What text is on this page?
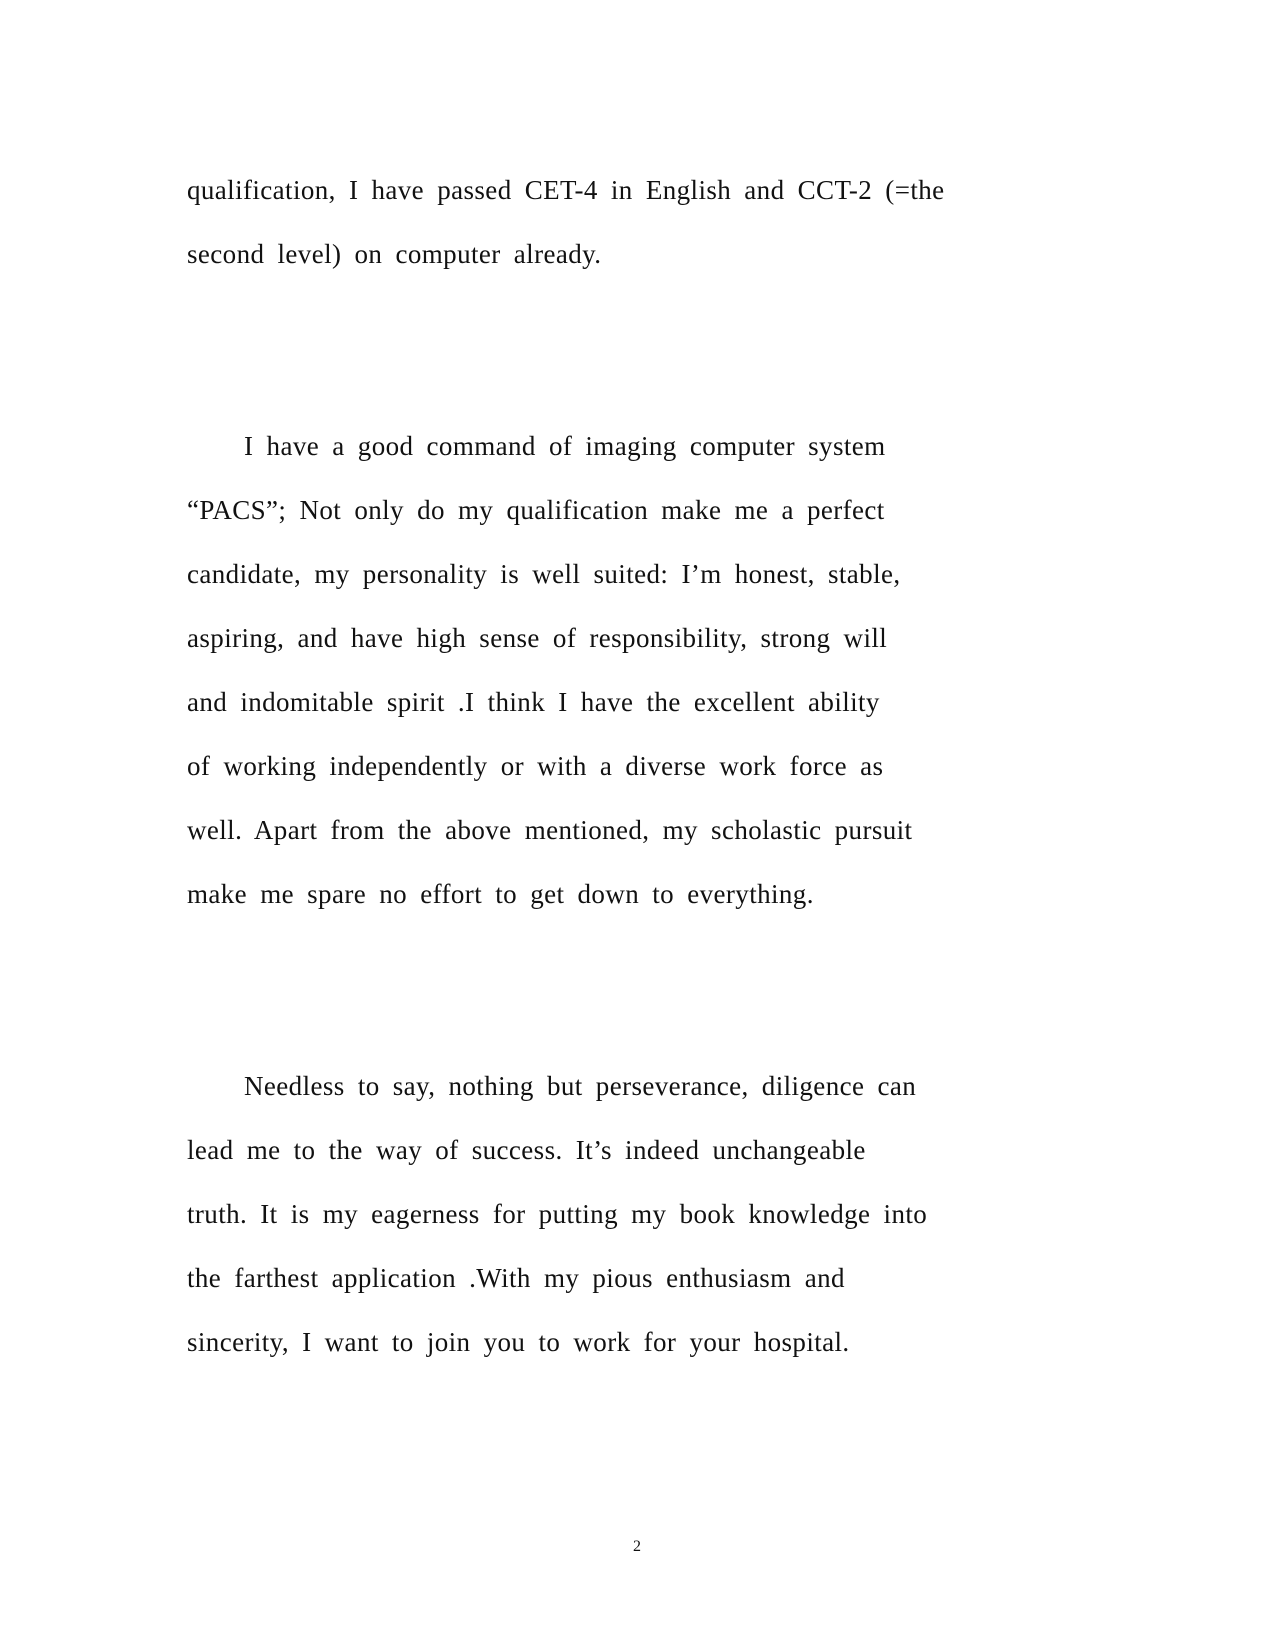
qualification, I have passed CET-4 in English and CCT-2 (=the

second level) on computer already.

I have a good command of imaging computer system

“PACS”; Not only do my qualification make me a perfect

candidate, my personality is well suited: I’m honest, stable,

aspiring, and have high sense of responsibility, strong will

and indomitable spirit .I think I have the excellent ability

of working independently or with a diverse work force as

well. Apart from the above mentioned, my scholastic pursuit

make me spare no effort to get down to everything.

Needless to say, nothing but perseverance, diligence can

lead me to the way of success. It’s indeed unchangeable

truth. It is my eagerness for putting my book knowledge into

the farthest application .With my pious enthusiasm and

sincerity, I want to join you to work for your hospital.

2
